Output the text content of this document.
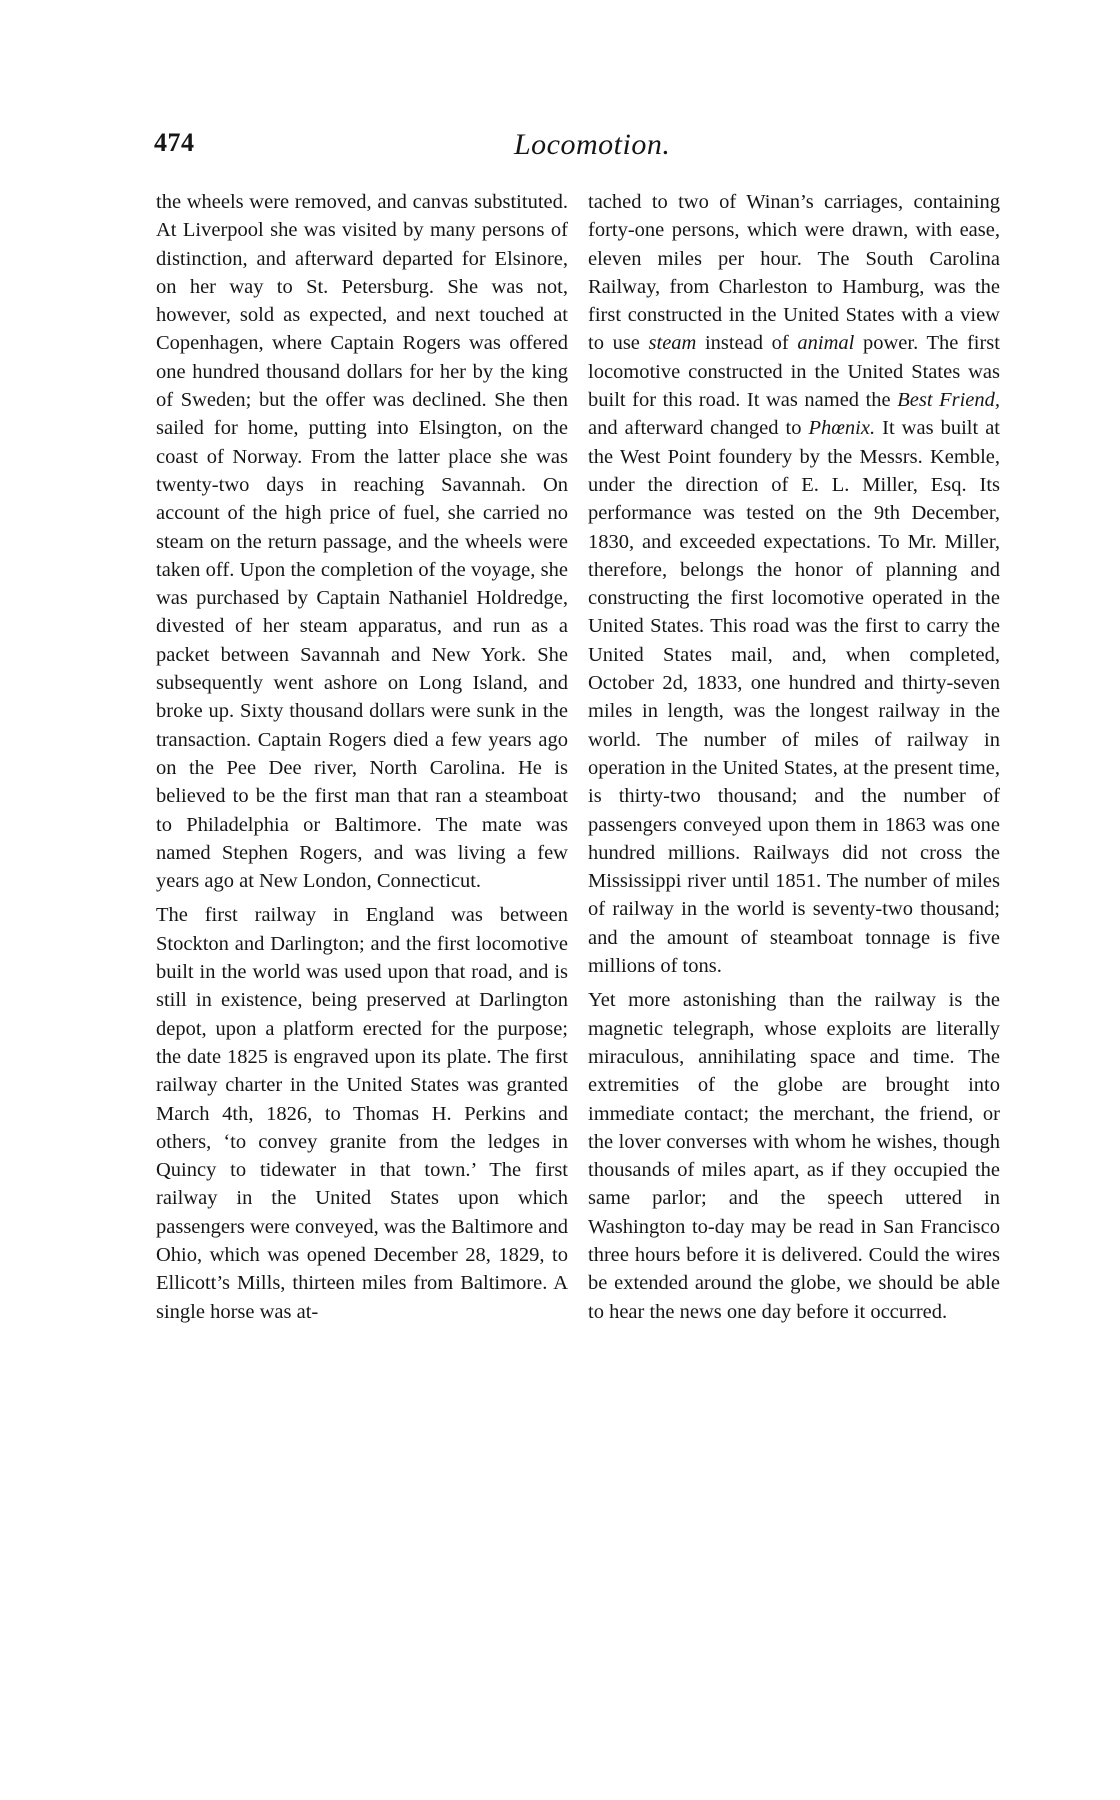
474	Locomotion.

the wheels were removed, and canvas substituted. At Liverpool she was visited by many persons of distinction, and afterward departed for Elsinore, on her way to St. Petersburg. She was not, however, sold as expected, and next touched at Copenhagen, where Captain Rogers was offered one hundred thousand dollars for her by the king of Sweden; but the offer was declined. She then sailed for home, putting into Elsington, on the coast of Norway. From the latter place she was twenty-two days in reaching Savannah. On account of the high price of fuel, she carried no steam on the return passage, and the wheels were taken off. Upon the completion of the voyage, she was purchased by Captain Nathaniel Holdredge, divested of her steam apparatus, and run as a packet between Savannah and New York. She subsequently went ashore on Long Island, and broke up. Sixty thousand dollars were sunk in the transaction. Captain Rogers died a few years ago on the Pee Dee river, North Carolina. He is believed to be the first man that ran a steamboat to Philadelphia or Baltimore. The mate was named Stephen Rogers, and was living a few years ago at New London, Connecticut.

The first railway in England was between Stockton and Darlington; and the first locomotive built in the world was used upon that road, and is still in existence, being preserved at Darlington depot, upon a platform erected for the purpose; the date 1825 is engraved upon its plate. The first railway charter in the United States was granted March 4th, 1826, to Thomas H. Perkins and others, ‘to convey granite from the ledges in Quincy to tidewater in that town.’ The first railway in the United States upon which passengers were conveyed, was the Baltimore and Ohio, which was opened December 28, 1829, to Ellicott’s Mills, thirteen miles from Baltimore. A single horse was at-

tached to two of Winan’s carriages, containing forty-one persons, which were drawn, with ease, eleven miles per hour. The South Carolina Railway, from Charleston to Hamburg, was the first constructed in the United States with a view to use steam instead of animal power. The first locomotive constructed in the United States was built for this road. It was named the Best Friend, and afterward changed to Phœnix. It was built at the West Point foundery by the Messrs. Kemble, under the direction of E. L. Miller, Esq. Its performance was tested on the 9th December, 1830, and exceeded expectations. To Mr. Miller, therefore, belongs the honor of planning and constructing the first locomotive operated in the United States. This road was the first to carry the United States mail, and, when completed, October 2d, 1833, one hundred and thirty-seven miles in length, was the longest railway in the world. The number of miles of railway in operation in the United States, at the present time, is thirty-two thousand; and the number of passengers conveyed upon them in 1863 was one hundred millions. Railways did not cross the Mississippi river until 1851. The number of miles of railway in the world is seventy-two thousand; and the amount of steamboat tonnage is five millions of tons.

Yet more astonishing than the railway is the magnetic telegraph, whose exploits are literally miraculous, annihilating space and time. The extremities of the globe are brought into immediate contact; the merchant, the friend, or the lover converses with whom he wishes, though thousands of miles apart, as if they occupied the same parlor; and the speech uttered in Washington to-day may be read in San Francisco three hours before it is delivered. Could the wires be extended around the globe, we should be able to hear the news one day before it occurred.
